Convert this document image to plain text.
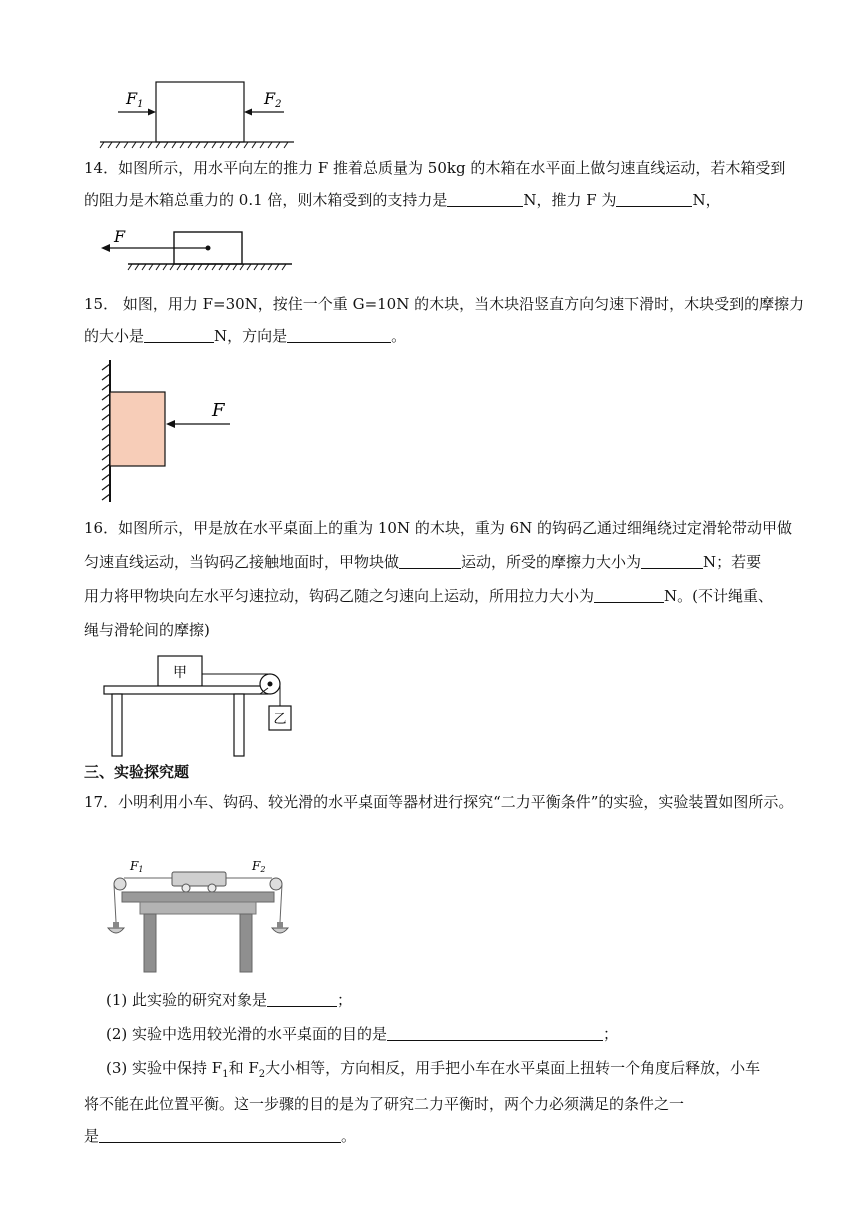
F1	F2
14．如图所示，用水平向左的推力 F 推着总质量为 50kg 的木箱在水平面上做匀速直线运动，若木箱受到
的阻力是木箱总重力的 0.1 倍，则木箱受到的支持力是	N，推力 F 为	N，
F
15． 如图，用力 F=30N，按住一个重 G=10N 的木块，当木块沿竖直方向匀速下滑时，木块受到的摩擦力
的大小是	N，方向是	。
F
16．如图所示，甲是放在水平桌面上的重为 10N 的木块，重为 6N 的钩码乙通过细绳绕过定滑轮带动甲做
匀速直线运动，当钩码乙接触地面时，甲物块做	运动，所受的摩擦力大小为	N；若要
用力将甲物块向左水平匀速拉动，钩码乙随之匀速向上运动，所用拉力大小为	N。(不计绳重、
绳与滑轮间的摩擦)
甲
乙
三、实验探究题
17．小明利用小车、钩码、较光滑的水平桌面等器材进行探究“二力平衡条件”的实验，实验装置如图所示。
F1	F2
(1) 此实验的研究对象是	；
(2) 实验中选用较光滑的水平桌面的目的是	；
(3) 实验中保持 $F_1$和 $F_2$大小相等，方向相反，用手把小车在水平桌面上扭转一个角度后释放，小车
将不能在此位置平衡。这一步骤的目的是为了研究二力平衡时，两个力必须满足的条件之一
是	。
